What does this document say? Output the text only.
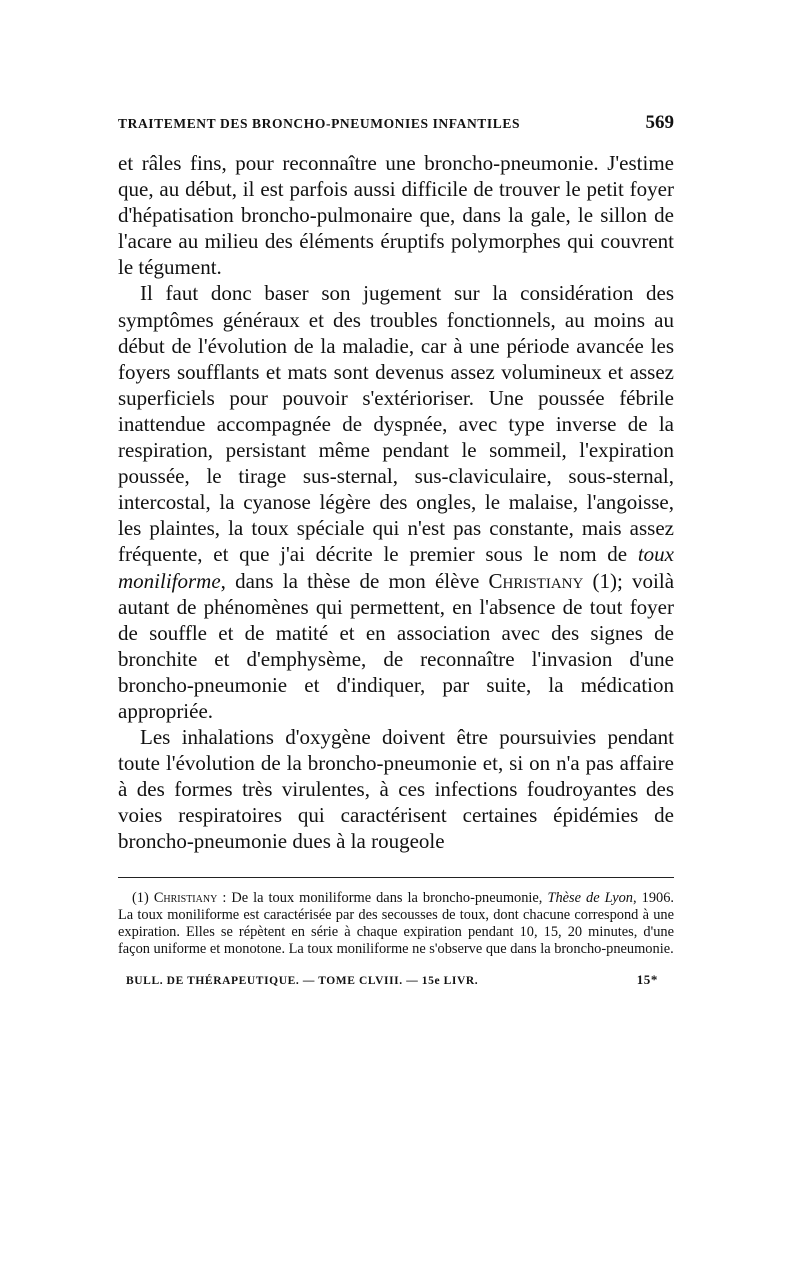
TRAITEMENT DES BRONCHO-PNEUMONIES INFANTILES	569

et râles fins, pour reconnaître une broncho-pneumonie. J'estime que, au début, il est parfois aussi difficile de trouver le petit foyer d'hépatisation broncho-pulmonaire que, dans la gale, le sillon de l'acare au milieu des éléments éruptifs polymorphes qui couvrent le tégument.

Il faut donc baser son jugement sur la considération des symptômes généraux et des troubles fonctionnels, au moins au début de l'évolution de la maladie, car à une période avancée les foyers soufflants et mats sont devenus assez volumineux et assez superficiels pour pouvoir s'extérioriser. Une poussée fébrile inattendue accompagnée de dyspnée, avec type inverse de la respiration, persistant même pendant le sommeil, l'expiration poussée, le tirage sus-sternal, sus-claviculaire, sous-sternal, intercostal, la cyanose légère des ongles, le malaise, l'angoisse, les plaintes, la toux spéciale qui n'est pas constante, mais assez fréquente, et que j'ai décrite le premier sous le nom de toux moniliforme, dans la thèse de mon élève Christiany (1); voilà autant de phénomènes qui permettent, en l'absence de tout foyer de souffle et de matité et en association avec des signes de bronchite et d'emphysème, de reconnaître l'invasion d'une broncho-pneumonie et d'indiquer, par suite, la médication appropriée.

Les inhalations d'oxygène doivent être poursuivies pendant toute l'évolution de la broncho-pneumonie et, si on n'a pas affaire à des formes très virulentes, à ces infections foudroyantes des voies respiratoires qui caractérisent certaines épidémies de broncho-pneumonie dues à la rougeole

(1) Christiany : De la toux moniliforme dans la broncho-pneumonie, Thèse de Lyon, 1906. La toux moniliforme est caractérisée par des secousses de toux, dont chacune correspond à une expiration. Elles se répètent en série à chaque expiration pendant 10, 15, 20 minutes, d'une façon uniforme et monotone. La toux moniliforme ne s'observe que dans la broncho-pneumonie.

BULL. DE THÉRAPEUTIQUE. — TOME CLVIII. — 15e LIVR.	15*
